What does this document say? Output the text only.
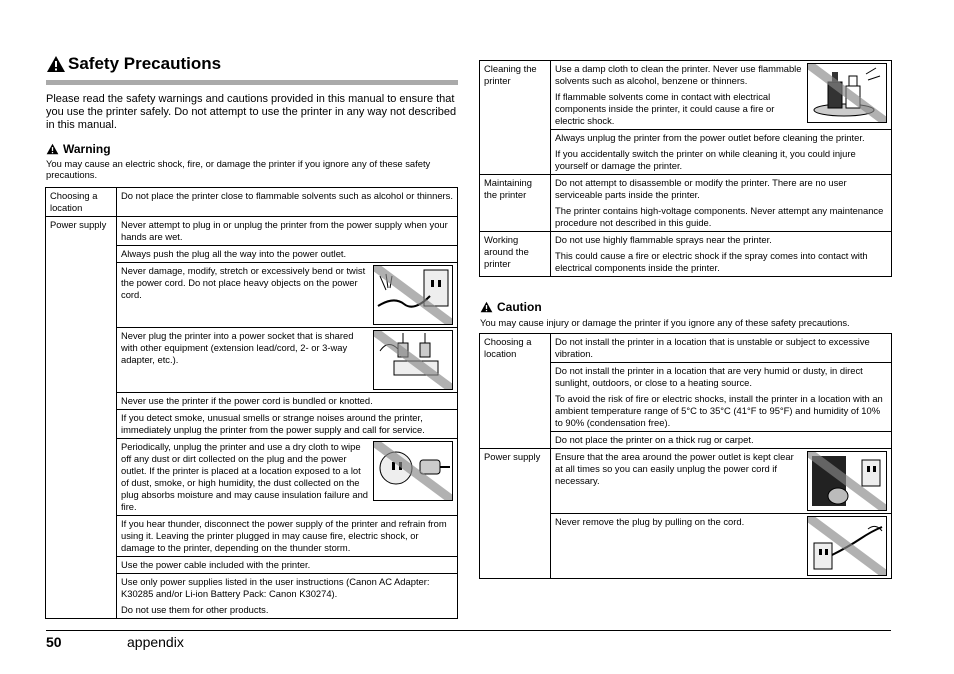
Safety Precautions
Please read the safety warnings and cautions provided in this manual to ensure that you use the printer safely. Do not attempt to use the printer in any way not described in this manual.
Warning
You may cause an electric shock, fire, or damage the printer if you ignore any of these safety precautions.
Choosing a location	Do not place the printer close to flammable solvents such as alcohol or thinners.

Power supply	Never attempt to plug in or unplug the printer from the power supply when your hands are wet.

	Always push the plug all the way into the power outlet.

	Never damage, modify, stretch or excessively bend or twist the power cord. Do not place heavy objects on the power cord.

	Never plug the printer into a power socket that is shared with other equipment (extension lead/cord, 2- or 3-way adapter, etc.).

	Never use the printer if the power cord is bundled or knotted.

	If you detect smoke, unusual smells or strange noises around the printer, immediately unplug the printer from the power supply and call for service.

	Periodically, unplug the printer and use a dry cloth to wipe off any dust or dirt collected on the plug and the power outlet. If the printer is placed at a location exposed to a lot of dust, smoke, or high humidity, the dust collected on the plug absorbs moisture and may cause insulation failure and fire.

	If you hear thunder, disconnect the power supply of the printer and refrain from using it. Leaving the printer plugged in may cause fire, electric shock, or damage to the printer, depending on the thunder storm.

	Use the power cable included with the printer.

	Use only power supplies listed in the user instructions (Canon AC Adapter: K30285 and/or Li-ion Battery Pack: Canon K30274).

Do not use them for other products.

Cleaning the printer	Use a damp cloth to clean the printer. Never use flammable solvents such as alcohol, benzene or thinners.

If flammable solvents come in contact with electrical components inside the printer, it could cause a fire or electric shock.

	Always unplug the printer from the power outlet before cleaning the printer.

If you accidentally switch the printer on while cleaning it, you could injure yourself or damage the printer.

Maintaining the printer	Do not attempt to disassemble or modify the printer. There are no user serviceable parts inside the printer.

The printer contains high-voltage components. Never attempt any maintenance procedure not described in this guide.

Working around the printer	Do not use highly flammable sprays near the printer.

This could cause a fire or electric shock if the spray comes into contact with electrical components inside the printer.

Caution
You may cause injury or damage the printer if you ignore any of these safety precautions.
Choosing a location	Do not install the printer in a location that is unstable or subject to excessive vibration.

	Do not install the printer in a location that are very humid or dusty, in direct sunlight, outdoors, or close to a heating source.

To avoid the risk of fire or electric shocks, install the printer in a location with an ambient temperature range of 5°C to 35°C (41°F to 95°F) and humidity of 10% to 90% (condensation free).

	Do not place the printer on a thick rug or carpet.

Power supply	Ensure that the area around the power outlet is kept clear at all times so you can easily unplug the power cord if necessary.

	Never remove the plug by pulling on the cord.

50	appendix
